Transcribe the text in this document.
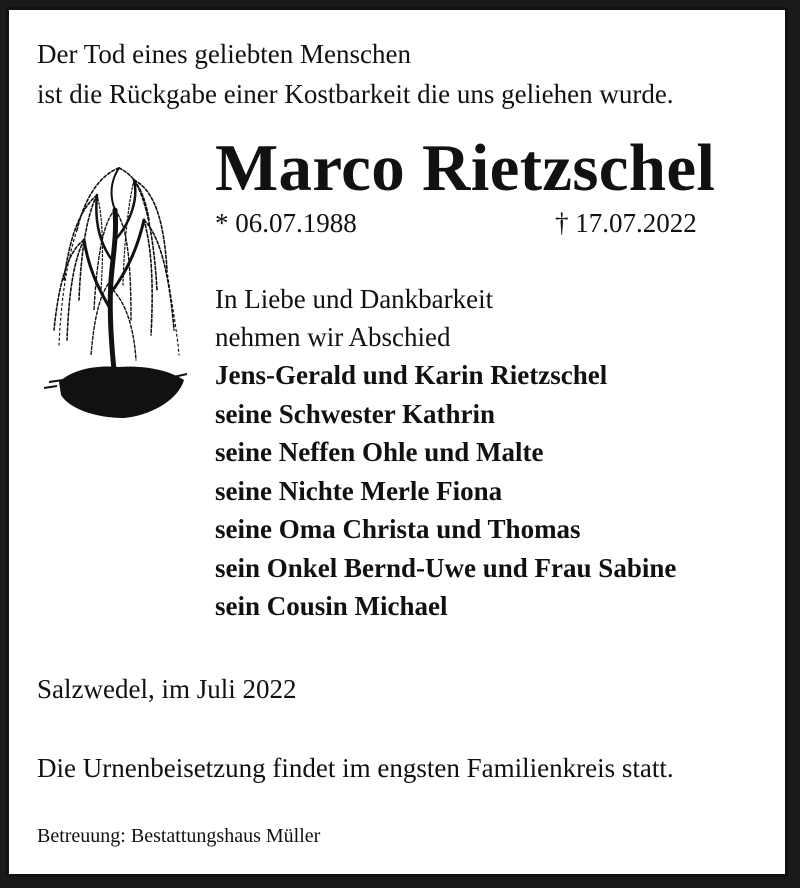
Der Tod eines geliebten Menschen
ist die Rückgabe einer Kostbarkeit die uns geliehen wurde.

Marco Rietzschel
* 06.07.1988	† 17.07.2022
In Liebe und Dankbarkeit
nehmen wir Abschied
Jens-Gerald und Karin Rietzschel
seine Schwester Kathrin
seine Neffen Ohle und Malte
seine Nichte Merle Fiona
seine Oma Christa und Thomas
sein Onkel Bernd-Uwe und Frau Sabine
sein Cousin Michael
Salzwedel, im Juli 2022
Die Urnenbeisetzung findet im engsten Familienkreis statt.
Betreuung: Bestattungshaus Müller
